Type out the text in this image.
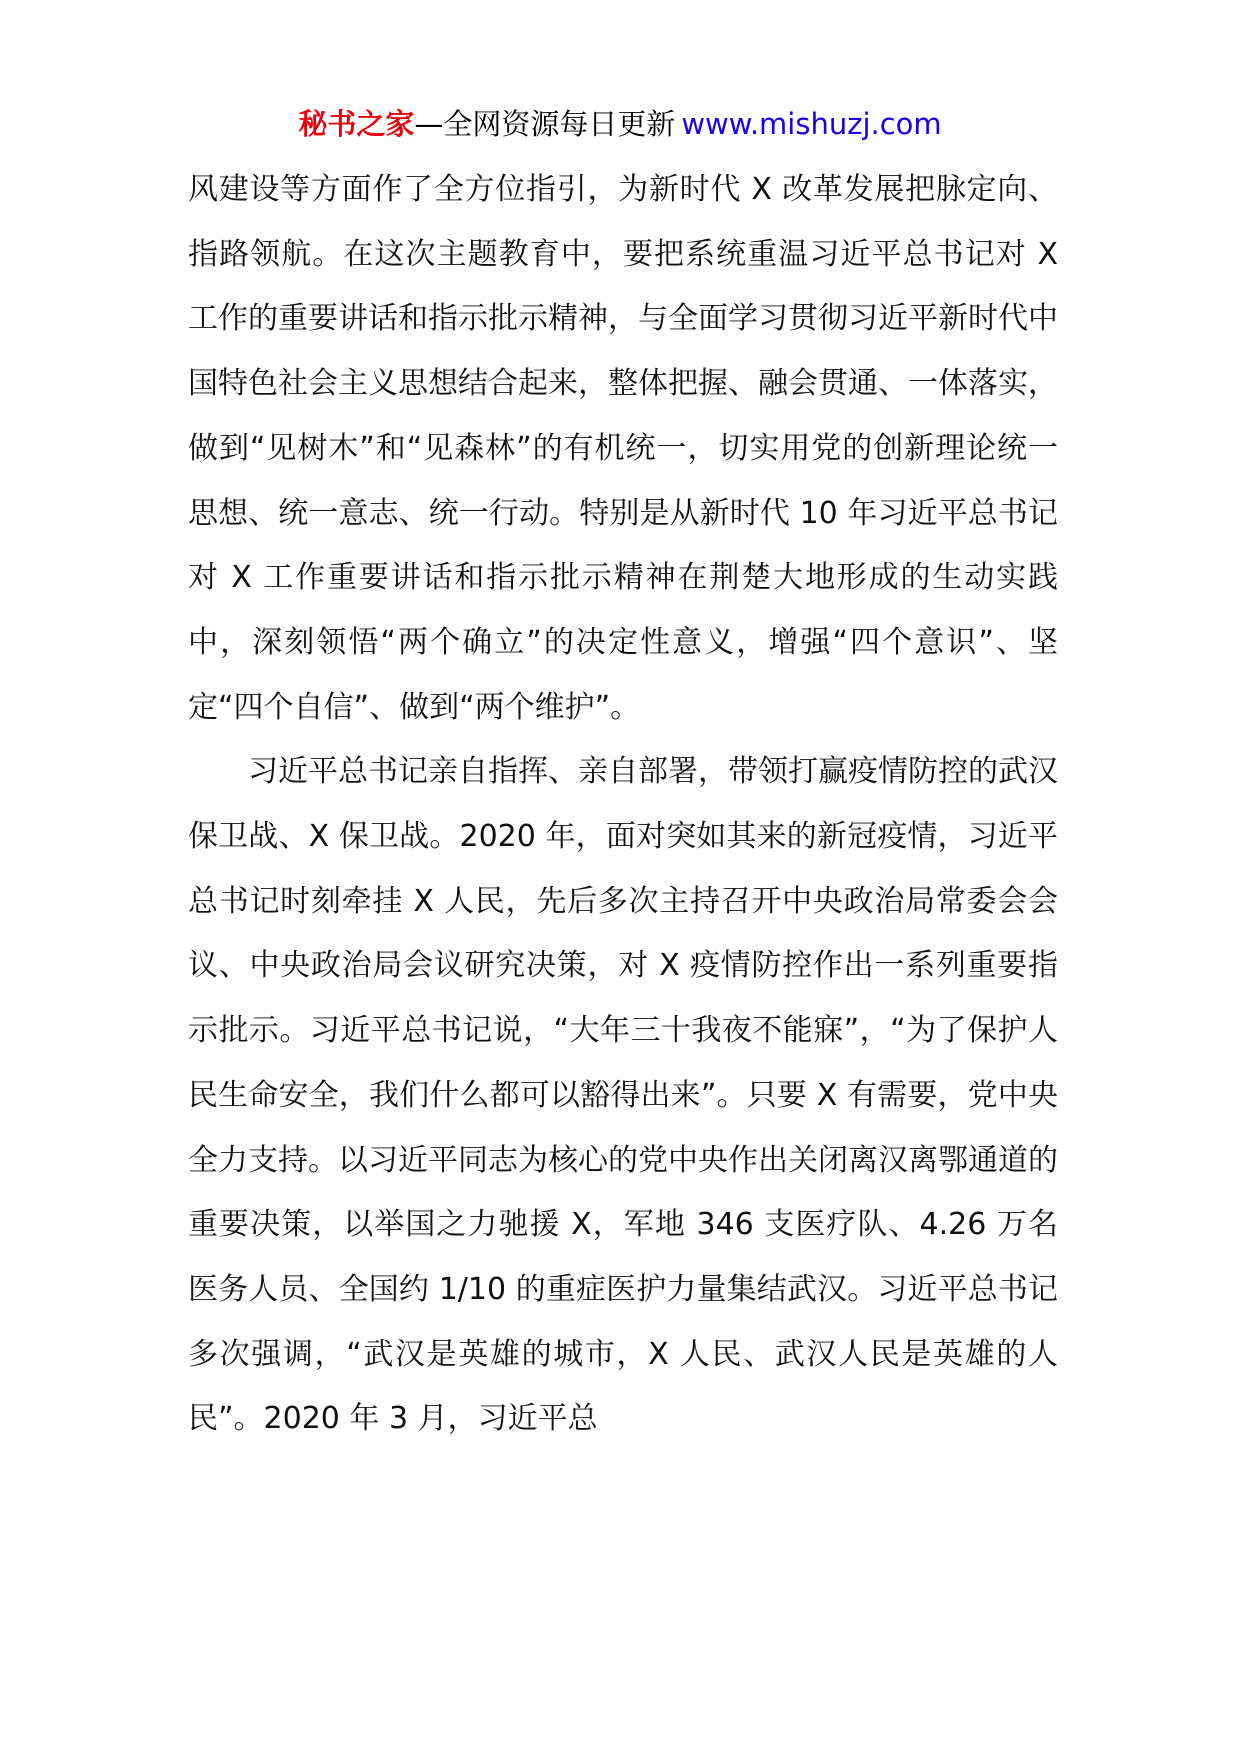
秘书之家—全网资源每日更新 www.mishuzj.com

风建设等方面作了全方位指引，为新时代 X 改革发展把脉定向、指路领航。在这次主题教育中，要把系统重温习近平总书记对 X 工作的重要讲话和指示批示精神，与全面学习贯彻习近平新时代中国特色社会主义思想结合起来，整体把握、融会贯通、一体落实，做到“见树木”和“见森林”的有机统一，切实用党的创新理论统一思想、统一意志、统一行动。特别是从新时代 10 年习近平总书记对 X 工作重要讲话和指示批示精神在荆楚大地形成的生动实践中，深刻领悟“两个确立”的决定性意义，增强“四个意识”、坚定“四个自信”、做到“两个维护”。

习近平总书记亲自指挥、亲自部署，带领打赢疫情防控的武汉保卫战、X 保卫战。2020 年，面对突如其来的新冠疫情，习近平总书记时刻牵挂 X 人民，先后多次主持召开中央政治局常委会会议、中央政治局会议研究决策，对 X 疫情防控作出一系列重要指示批示。习近平总书记说，“大年三十我夜不能寐”，“为了保护人民生命安全，我们什么都可以豁得出来”。只要 X 有需要，党中央全力支持。以习近平同志为核心的党中央作出关闭离汉离鄂通道的重要决策，以举国之力驰援 X，军地 346 支医疗队、4.26 万名医务人员、全国约 1/10 的重症医护力量集结武汉。习近平总书记多次强调，“武汉是英雄的城市，X 人民、武汉人民是英雄的人民”。2020 年 3 月，习近平总
